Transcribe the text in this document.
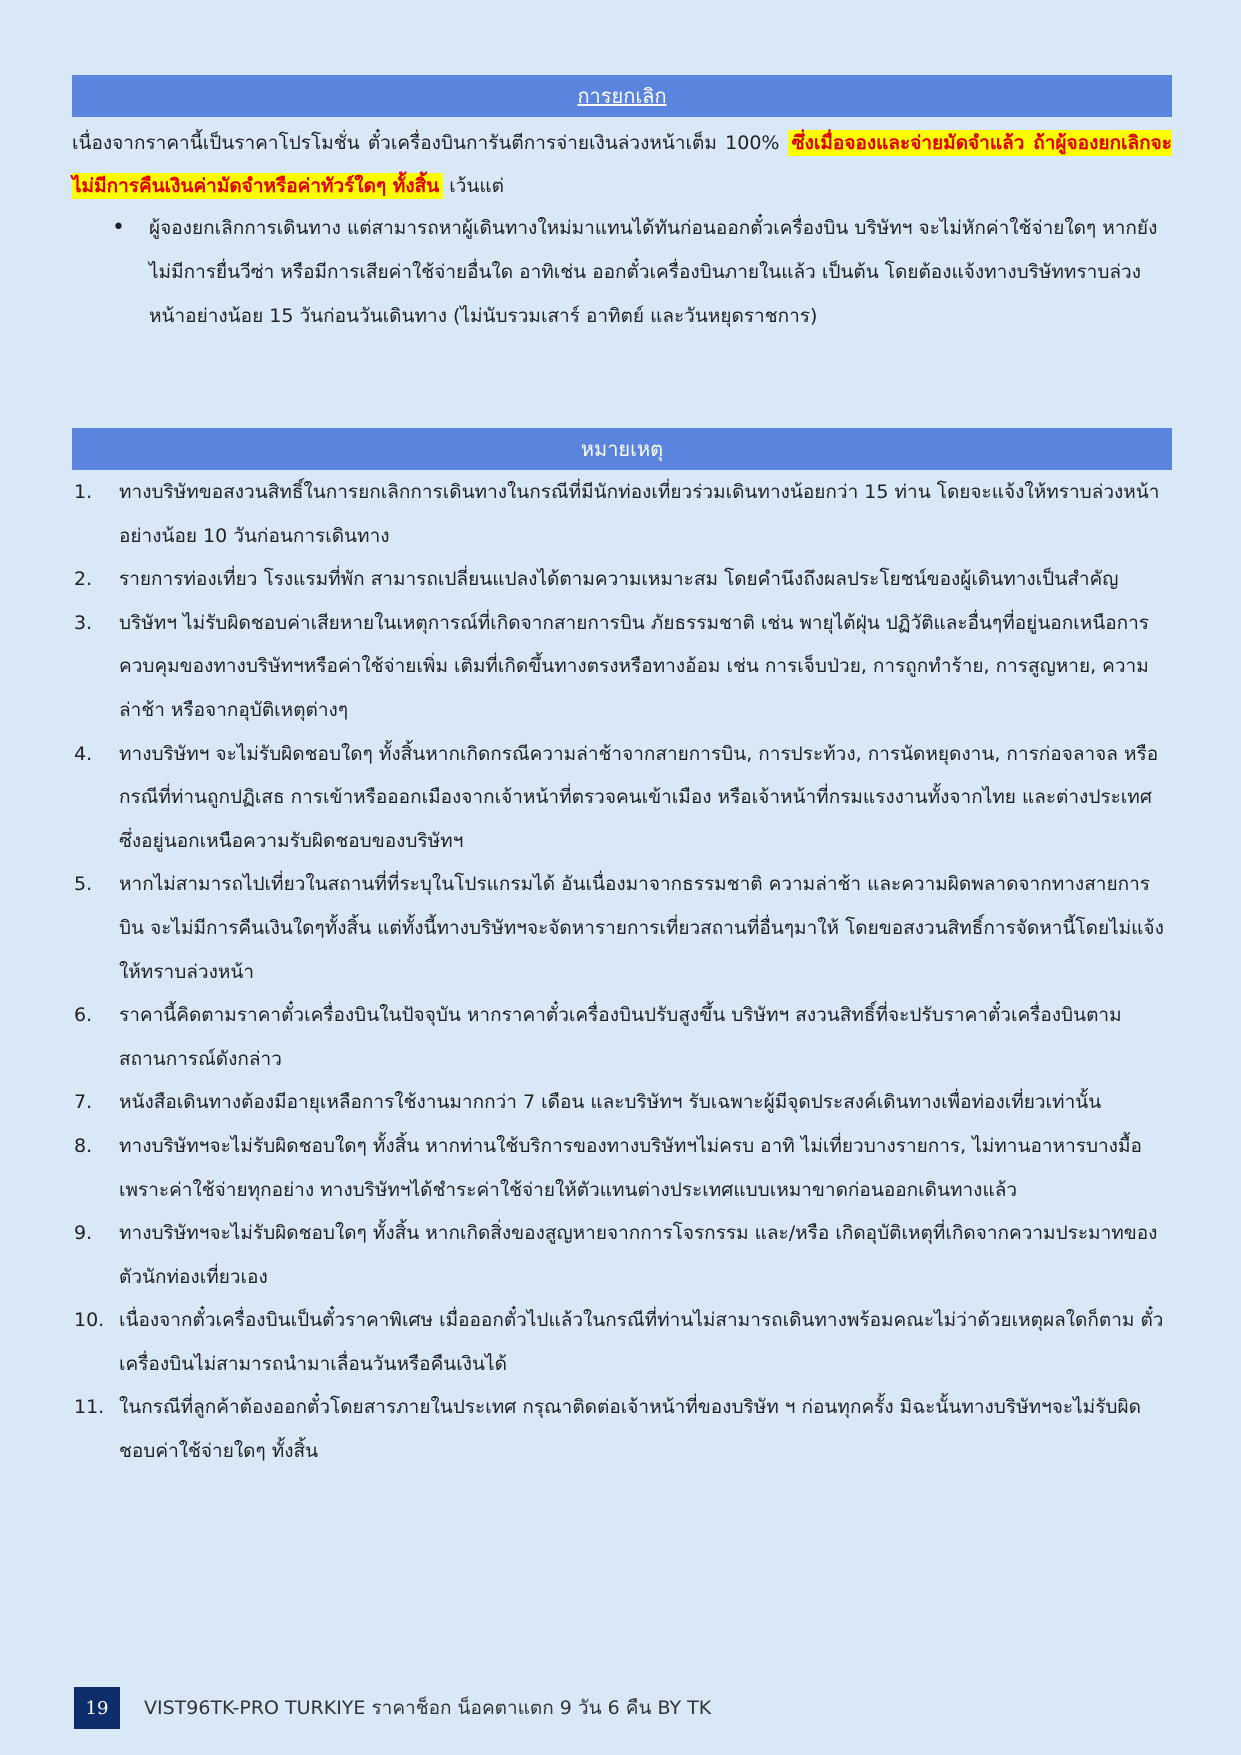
การยกเลิก
เนื่องจากราคานี้เป็นราคาโปรโมชั่น ตั๋วเครื่องบินการันตีการจ่ายเงินล่วงหน้าเต็ม 100% ซึ่งเมื่อจองและจ่ายมัดจำแล้ว ถ้าผู้จองยกเลิกจะไม่มีการคืนเงินค่ามัดจำหรือค่าทัวร์ใดๆ ทั้งสิ้น เว้นแต่
• ผู้จองยกเลิกการเดินทาง แต่สามารถหาผู้เดินทางใหม่มาแทนได้ทันก่อนออกตั๋วเครื่องบิน บริษัทฯ จะไม่หักค่าใช้จ่ายใดๆ หากยังไม่มีการยื่นวีซ่า หรือมีการเสียค่าใช้จ่ายอื่นใด อาทิเช่น ออกตั๋วเครื่องบินภายในแล้ว เป็นต้น โดยต้องแจ้งทางบริษัททราบล่วงหน้าอย่างน้อย 15 วันก่อนวันเดินทาง (ไม่นับรวมเสาร์ อาทิตย์ และวันหยุดราชการ)
หมายเหตุ
1. ทางบริษัทขอสงวนสิทธิ์ในการยกเลิกการเดินทางในกรณีที่มีนักท่องเที่ยวร่วมเดินทางน้อยกว่า 15 ท่าน โดยจะแจ้งให้ทราบล่วงหน้าอย่างน้อย 10 วันก่อนการเดินทาง
2. รายการท่องเที่ยว โรงแรมที่พัก สามารถเปลี่ยนแปลงได้ตามความเหมาะสม โดยคำนึงถึงผลประโยชน์ของผู้เดินทางเป็นสำคัญ
3. บริษัทฯ ไม่รับผิดชอบค่าเสียหายในเหตุการณ์ที่เกิดจากสายการบิน ภัยธรรมชาติ เช่น พายุไต้ฝุ่น ปฏิวัติและอื่นๆที่อยู่นอกเหนือการควบคุมของทางบริษัทฯหรือค่าใช้จ่ายเพิ่ม เติมที่เกิดขึ้นทางตรงหรือทางอ้อม เช่น การเจ็บป่วย, การถูกทำร้าย, การสูญหาย, ความล่าช้า หรือจากอุบัติเหตุต่างๆ
4. ทางบริษัทฯ จะไม่รับผิดชอบใดๆ ทั้งสิ้นหากเกิดกรณีความล่าช้าจากสายการบิน, การประท้วง, การนัดหยุดงาน, การก่อจลาจล หรือกรณีที่ท่านถูกปฏิเสธ การเข้าหรือออกเมืองจากเจ้าหน้าที่ตรวจคนเข้าเมือง หรือเจ้าหน้าที่กรมแรงงานทั้งจากไทย และต่างประเทศซึ่งอยู่นอกเหนือความรับผิดชอบของบริษัทฯ
5. หากไม่สามารถไปเที่ยวในสถานที่ที่ระบุในโปรแกรมได้ อันเนื่องมาจากธรรมชาติ ความล่าช้า และความผิดพลาดจากทางสายการบิน จะไม่มีการคืนเงินใดๆทั้งสิ้น แต่ทั้งนี้ทางบริษัทฯจะจัดหารายการเที่ยวสถานที่อื่นๆมาให้ โดยขอสงวนสิทธิ์การจัดหานี้โดยไม่แจ้งให้ทราบล่วงหน้า
6. ราคานี้คิดตามราคาตั๋วเครื่องบินในปัจจุบัน หากราคาตั๋วเครื่องบินปรับสูงขึ้น บริษัทฯ สงวนสิทธิ์ที่จะปรับราคาตั๋วเครื่องบินตามสถานการณ์ดังกล่าว
7. หนังสือเดินทางต้องมีอายุเหลือการใช้งานมากกว่า 7 เดือน และบริษัทฯ รับเฉพาะผู้มีจุดประสงค์เดินทางเพื่อท่องเที่ยวเท่านั้น
8. ทางบริษัทฯจะไม่รับผิดชอบใดๆ ทั้งสิ้น หากท่านใช้บริการของทางบริษัทฯไม่ครบ อาทิ ไม่เที่ยวบางรายการ, ไม่ทานอาหารบางมื้อ เพราะค่าใช้จ่ายทุกอย่าง ทางบริษัทฯได้ชำระค่าใช้จ่ายให้ตัวแทนต่างประเทศแบบเหมาขาดก่อนออกเดินทางแล้ว
9. ทางบริษัทฯจะไม่รับผิดชอบใดๆ ทั้งสิ้น หากเกิดสิ่งของสูญหายจากการโจรกรรม และ/หรือ เกิดอุบัติเหตุที่เกิดจากความประมาทของตัวนักท่องเที่ยวเอง
10. เนื่องจากตั๋วเครื่องบินเป็นตั๋วราคาพิเศษ เมื่อออกตั๋วไปแล้วในกรณีที่ท่านไม่สามารถเดินทางพร้อมคณะไม่ว่าด้วยเหตุผลใดก็ตาม ตั๋วเครื่องบินไม่สามารถนำมาเลื่อนวันหรือคืนเงินได้
11. ในกรณีที่ลูกค้าต้องออกตั๋วโดยสารภายในประเทศ กรุณาติดต่อเจ้าหน้าที่ของบริษัท ฯ ก่อนทุกครั้ง มิฉะนั้นทางบริษัทฯจะไม่รับผิดชอบค่าใช้จ่ายใดๆ ทั้งสิ้น
19 VIST96TK-PRO TURKIYE ราคาช็อก น็อคตาแตก 9 วัน 6 คืน BY TK
